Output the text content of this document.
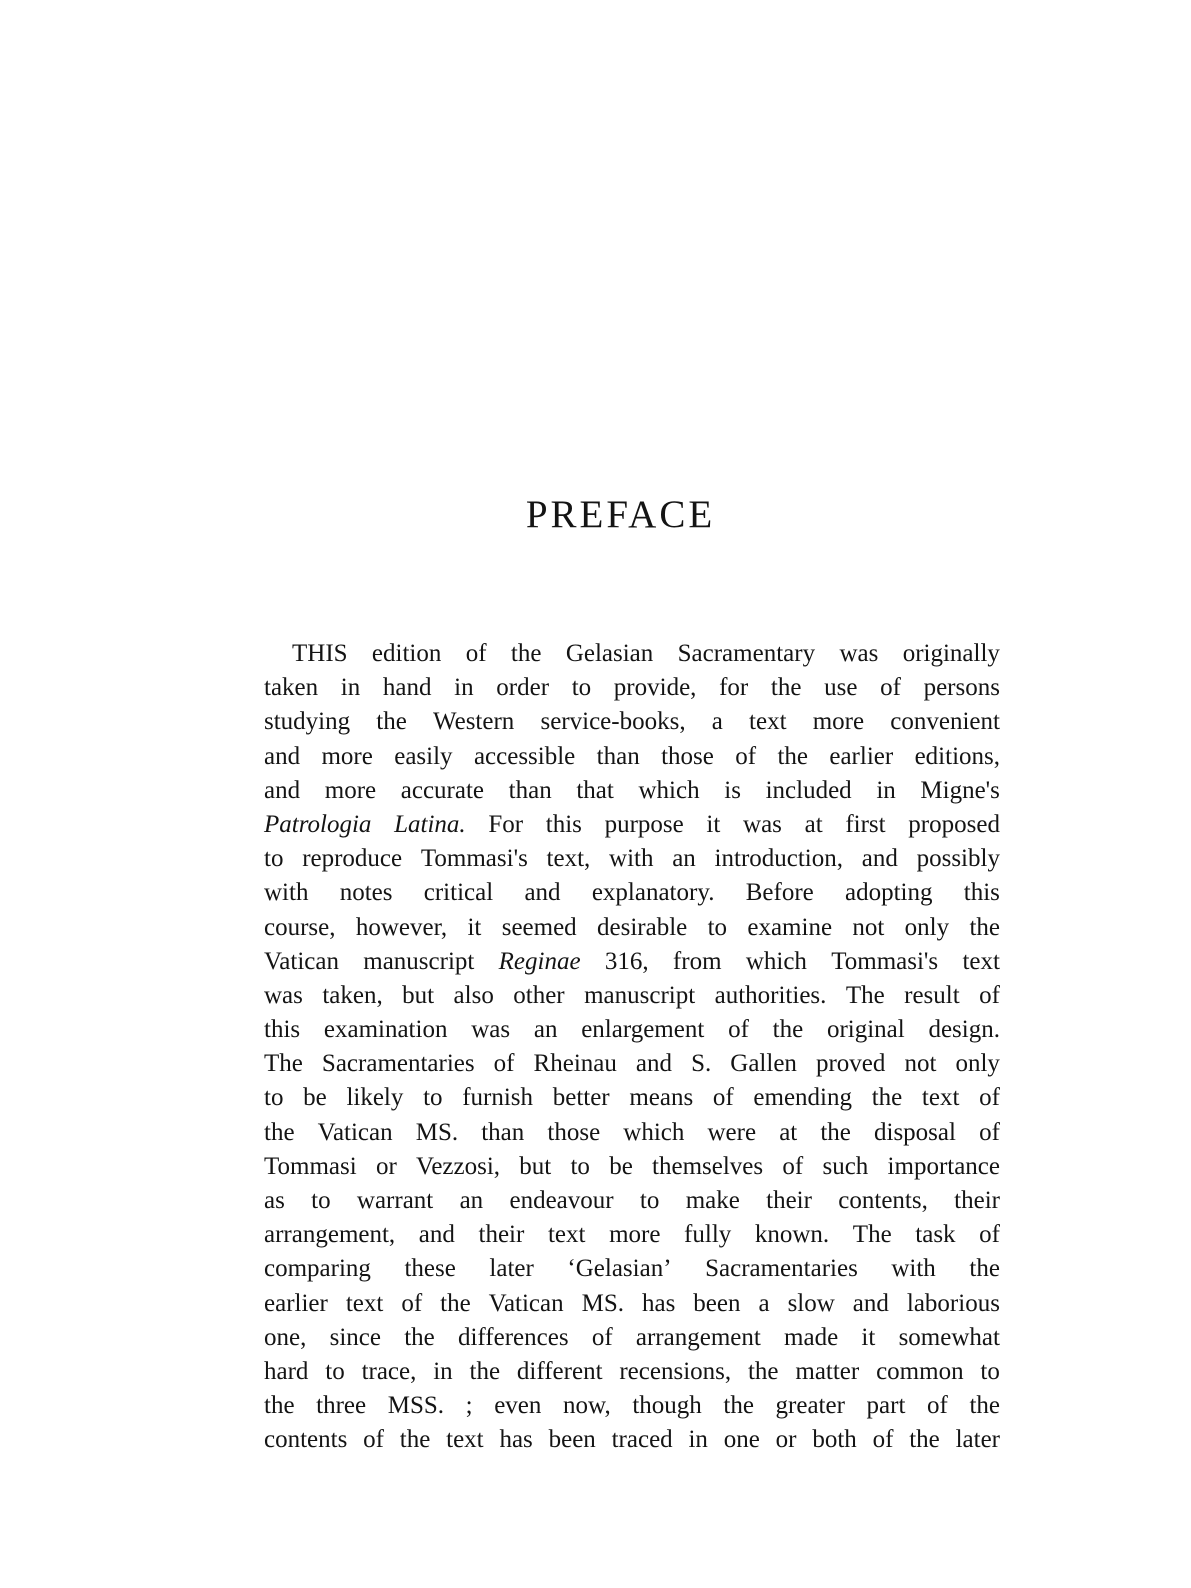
PREFACE
THIS edition of the Gelasian Sacramentary was originally
taken in hand in order to provide, for the use of persons
studying the Western service-books, a text more convenient
and more easily accessible than those of the earlier editions,
and more accurate than that which is included in Migne's
Patrologia Latina. For this purpose it was at first proposed
to reproduce Tommasi's text, with an introduction, and possibly
with notes critical and explanatory. Before adopting this
course, however, it seemed desirable to examine not only the
Vatican manuscript Reginae 316, from which Tommasi's text
was taken, but also other manuscript authorities. The result of
this examination was an enlargement of the original design.
The Sacramentaries of Rheinau and S. Gallen proved not only
to be likely to furnish better means of emending the text of
the Vatican MS. than those which were at the disposal of
Tommasi or Vezzosi, but to be themselves of such importance
as to warrant an endeavour to make their contents, their
arrangement, and their text more fully known. The task of
comparing these later ‘Gelasian’ Sacramentaries with the
earlier text of the Vatican MS. has been a slow and laborious
one, since the differences of arrangement made it somewhat
hard to trace, in the different recensions, the matter common to
the three MSS. ; even now, though the greater part of the
contents of the text has been traced in one or both of the later
